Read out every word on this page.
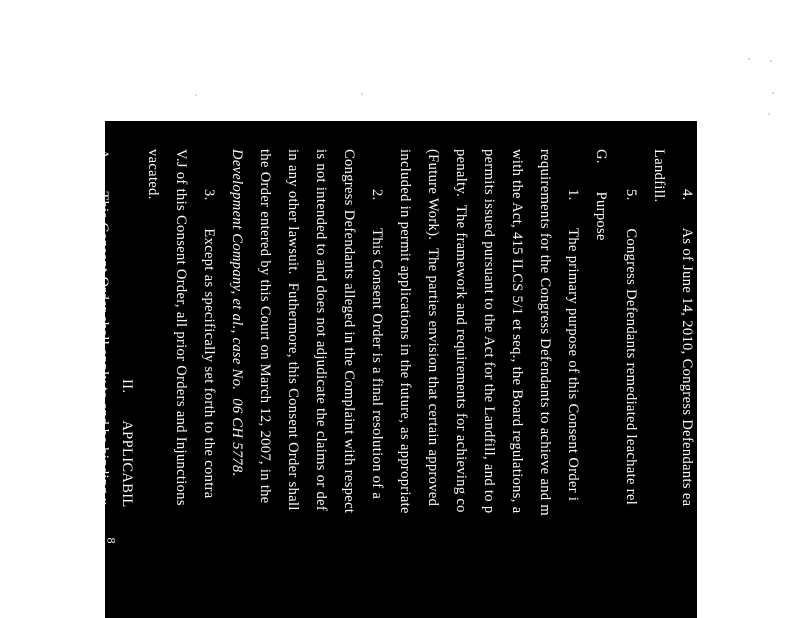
4.       As of June 14, 2010, Congress Defendants ea
Landfill.
5.       Congress Defendants remediated leachate rel
G.       Purpose
1.       The primary purpose of this Consent Order i
requirements for the Congress Defendants to achieve and m
with the Act, 415 ILCS 5/1 et seq., the Board regulations, a
permits issued pursuant to the Act for the Landfill, and to p
penalty.  The framework and requirements for achieving co
(Future Work).  The parties envision that certain approved
included in permit applications in the future, as appropriate
2.       This Consent Order is a final resolution of a
Congress Defendants alleged in the Complaint with respect
is not intended to and does not adjudicate the claims or def
in any other lawsuit.  Futhermore, this Consent Order shall
the Order entered by this Court on March 12, 2007, in the
Development Company, et al., case No.  06 CH 5778.
3.       Except as specifically set forth to the contra
V.J of this Consent Order, all prior Orders and Injunctions
vacated.
II.       APPLICABIL
A.       This Consent Order shall apply to and be binding u
The Congress Defendants waive as a defense to any enforc
8
